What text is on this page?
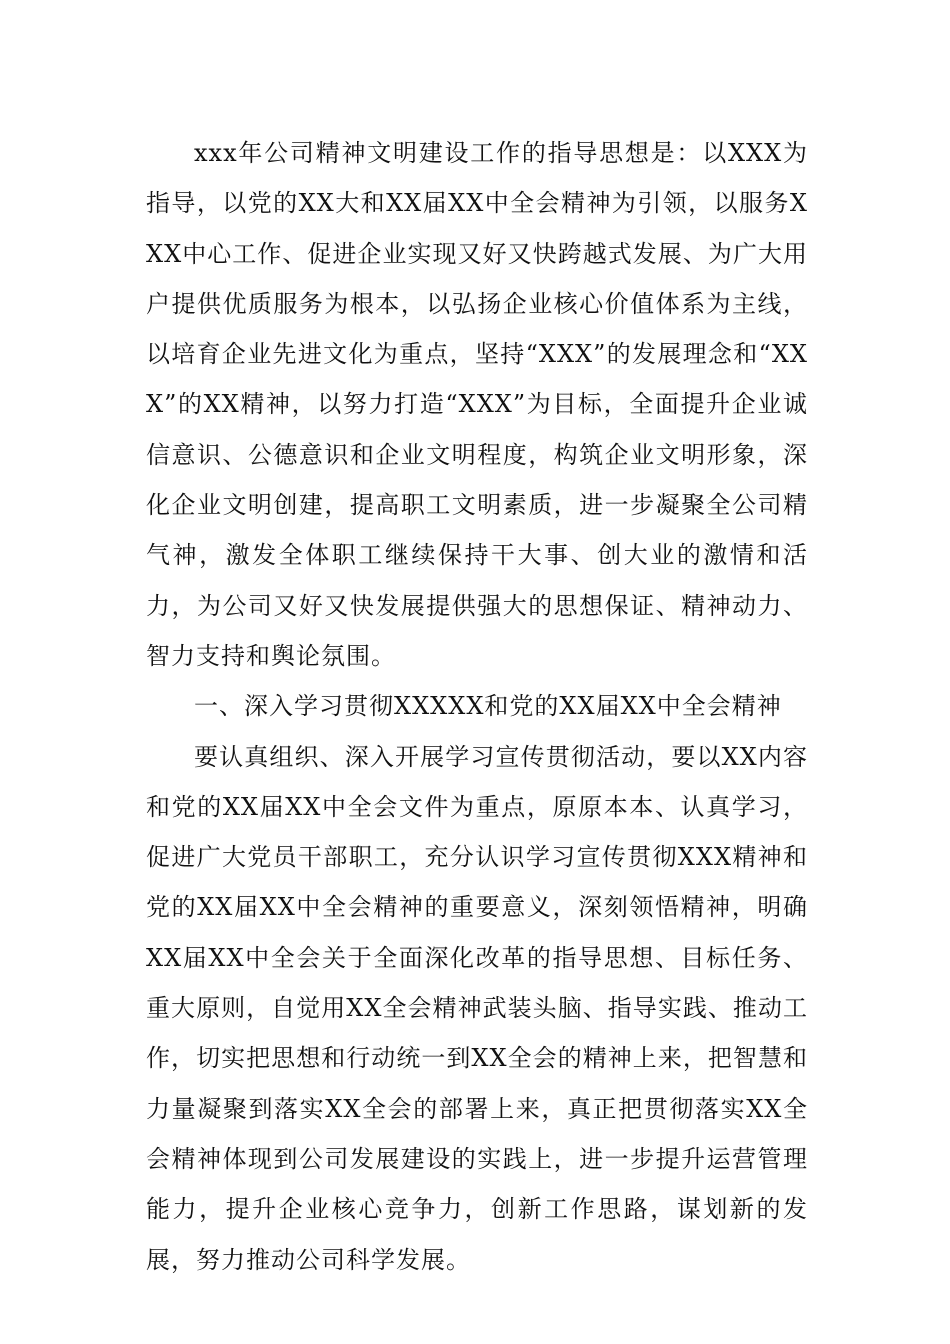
xxx年公司精神文明建设工作的指导思想是：以XXX为指导，以党的XX大和XX届XX中全会精神为引领，以服务XXX中心工作、促进企业实现又好又快跨越式发展、为广大用户提供优质服务为根本，以弘扬企业核心价值体系为主线，以培育企业先进文化为重点，坚持“XXX”的发展理念和“XXX”的XX精神，以努力打造“XXX”为目标，全面提升企业诚信意识、公德意识和企业文明程度，构筑企业文明形象，深化企业文明创建，提高职工文明素质，进一步凝聚全公司精气神，激发全体职工继续保持干大事、创大业的激情和活力，为公司又好又快发展提供强大的思想保证、精神动力、智力支持和舆论氛围。

一、深入学习贯彻XXXXX和党的XX届XX中全会精神

要认真组织、深入开展学习宣传贯彻活动，要以XX内容和党的XX届XX中全会文件为重点，原原本本、认真学习，促进广大党员干部职工，充分认识学习宣传贯彻XXX精神和党的XX届XX中全会精神的重要意义，深刻领悟精神，明确XX届XX中全会关于全面深化改革的指导思想、目标任务、重大原则，自觉用XX全会精神武装头脑、指导实践、推动工作，切实把思想和行动统一到XX全会的精神上来，把智慧和力量凝聚到落实XX全会的部署上来，真正把贯彻落实XX全会精神体现到公司发展建设的实践上，进一步提升运营管理能力，提升企业核心竞争力，创新工作思路，谋划新的发展，努力推动公司科学发展。
